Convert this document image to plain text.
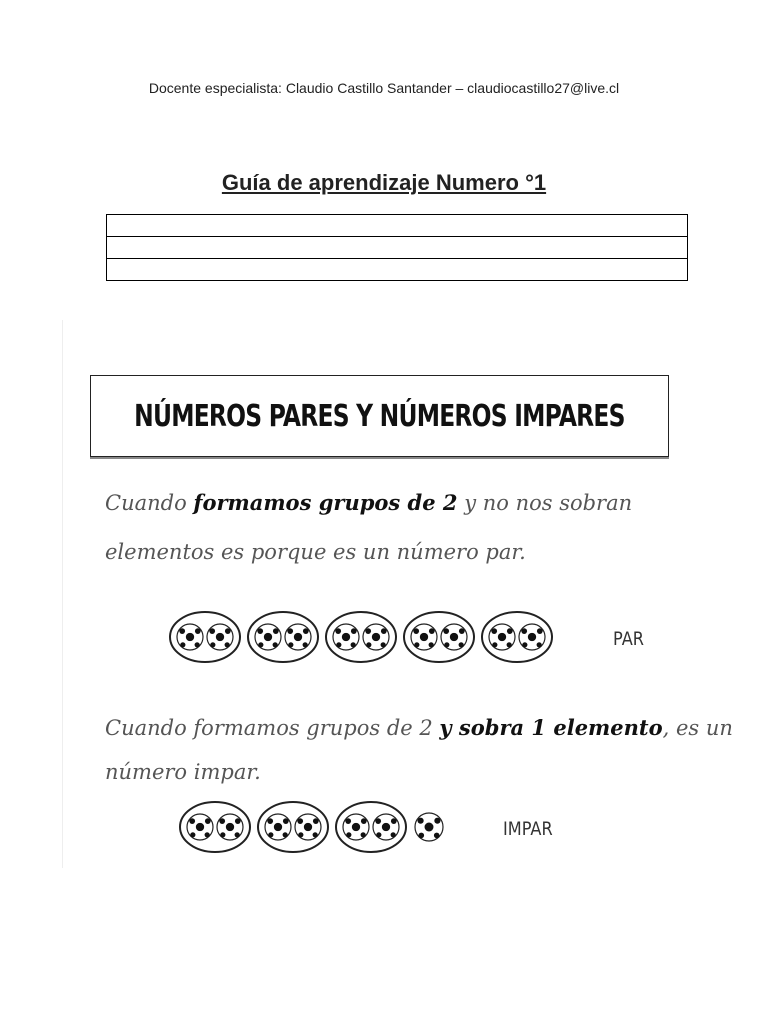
Docente especialista: Claudio Castillo Santander – claudiocastillo27@live.cl
Guía de aprendizaje Numero °1

NÚMEROS PARES Y NÚMEROS IMPARES
Cuando formamos grupos de 2 y no nos sobran
elementos es porque es un número par.
PAR
Cuando formamos grupos de 2 y sobra 1 elemento, es un
número impar.
IMPAR
